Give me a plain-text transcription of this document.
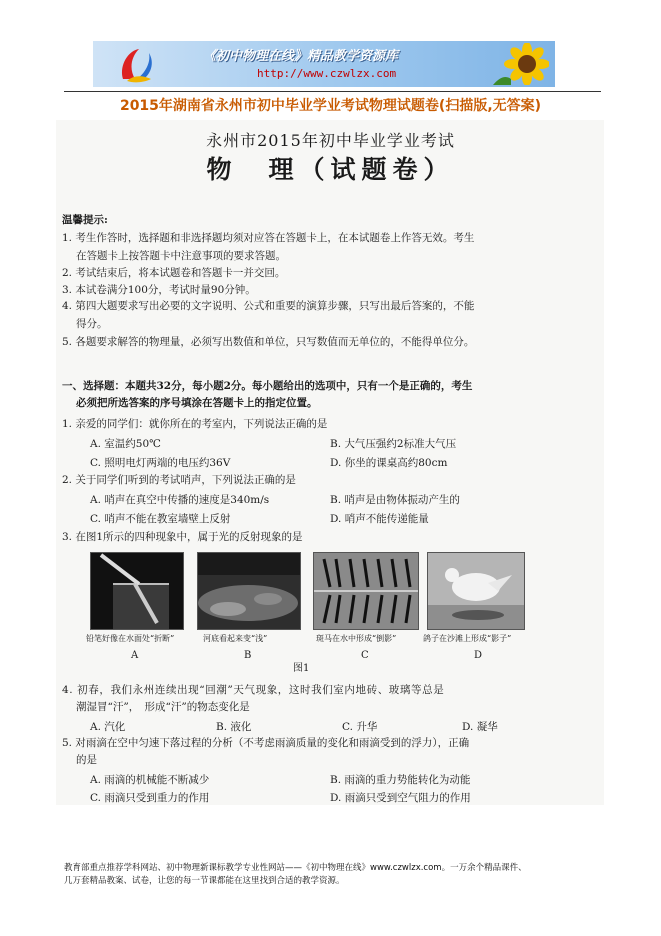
《初中物理在线》精品教学资源库
http://www.czwlzx.com
2015年湖南省永州市初中毕业学业考试物理试题卷(扫描版,无答案)
永州市2015年初中毕业学业考试
物　理（试题卷）
温馨提示:
1. 考生作答时，选择题和非选择题均须对应答在答题卡上，在本试题卷上作答无效。考生
在答题卡上按答题卡中注意事项的要求答题。
2. 考试结束后，将本试题卷和答题卡一并交回。
3. 本试卷满分100分，考试时量90分钟。
4. 第四大题要求写出必要的文字说明、公式和重要的演算步骤，只写出最后答案的，不能
得分。
5. 各题要求解答的物理量，必须写出数值和单位，只写数值而无单位的，不能得单位分。
一、选择题：本题共32分，每小题2分。每小题给出的选项中，只有一个是正确的，考生
必须把所选答案的序号填涂在答题卡上的指定位置。
1. 亲爱的同学们：就你所在的考室内，下列说法正确的是
A. 室温约50℃	B. 大气压强约2标准大气压
C. 照明电灯两端的电压约36V	D. 你坐的课桌高约80cm
2. 关于同学们听到的考试哨声，下列说法正确的是
A. 哨声在真空中传播的速度是340m/s	B. 哨声是由物体振动产生的
C. 哨声不能在教室墙壁上反射	D. 哨声不能传递能量
3. 在图1所示的四种现象中，属于光的反射现象的是
铅笔好像在水面处“折断”	河底看起来变“浅”	斑马在水中形成“倒影”	鸽子在沙滩上形成“影子”
A	B	C	D
图1
4. 初春，我们永州连续出现“回潮”天气现象，这时我们室内地砖、玻璃等总是
潮湿冒“汗”，　形成“汗”的物态变化是
A. 汽化	B. 液化	C. 升华	D. 凝华
5. 对雨滴在空中匀速下落过程的分析（不考虑雨滴质量的变化和雨滴受到的浮力），正确
的是
A. 雨滴的机械能不断减少	B. 雨滴的重力势能转化为动能
C. 雨滴只受到重力的作用	D. 雨滴只受到空气阻力的作用
教育部重点推荐学科网站、初中物理新课标教学专业性网站——《初中物理在线》www.czwlzx.com。一万余个精品课件、
几万套精品教案、试卷，让您的每一节课都能在这里找到合适的教学资源。
